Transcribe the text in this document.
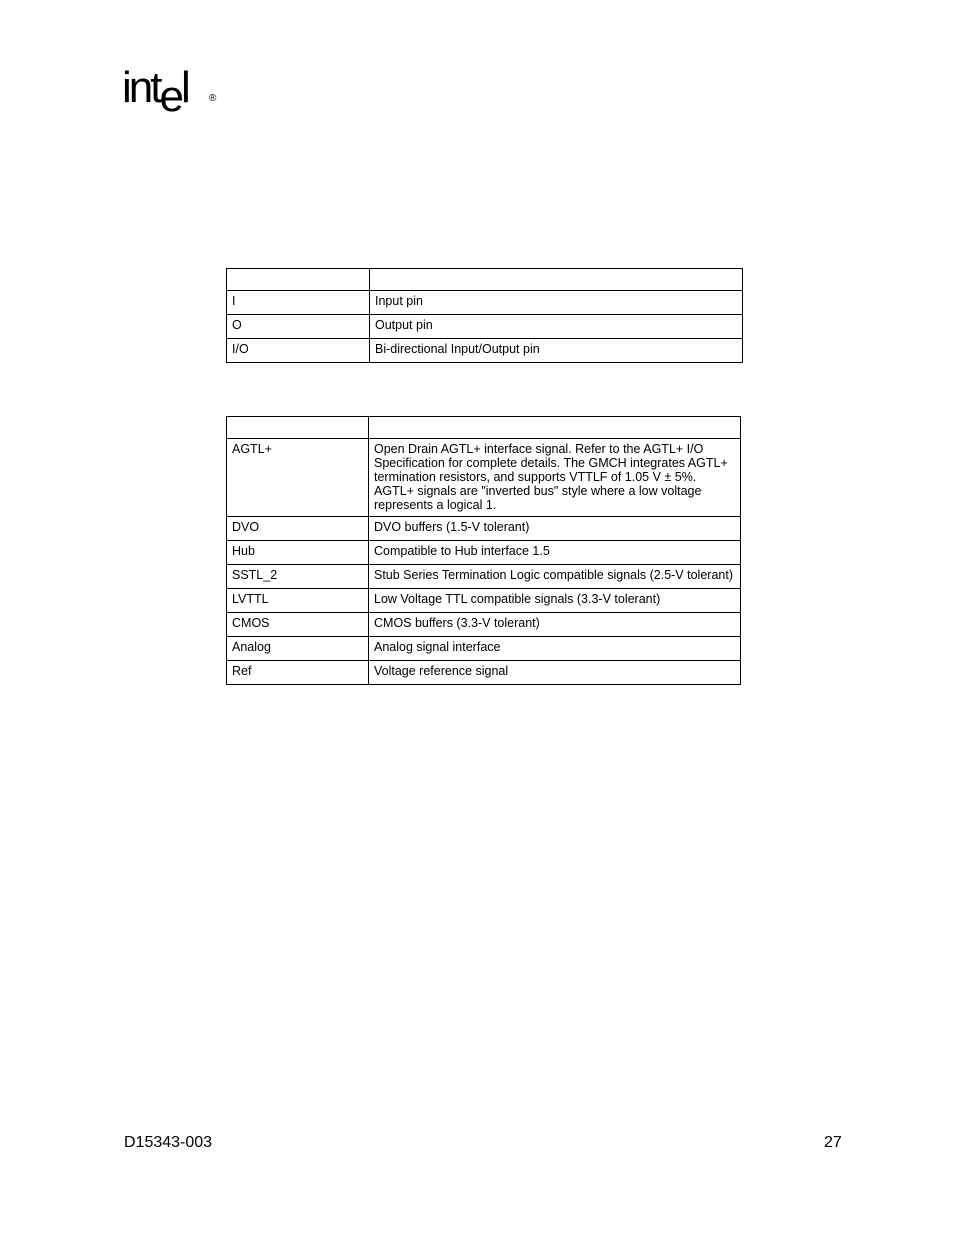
intel ®

I	Input pin
O	Output pin
I/O	Bi-directional Input/Output pin

AGTL+	Open Drain AGTL+ interface signal. Refer to the AGTL+ I/O Specification for complete details. The GMCH integrates AGTL+ termination resistors, and supports VTTLF of 1.05 V ± 5%. AGTL+ signals are "inverted bus" style where a low voltage represents a logical 1.
DVO	DVO buffers (1.5-V tolerant)
Hub	Compatible to Hub interface 1.5
SSTL_2	Stub Series Termination Logic compatible signals (2.5-V tolerant)
LVTTL	Low Voltage TTL compatible signals (3.3-V tolerant)
CMOS	CMOS buffers (3.3-V tolerant)
Analog	Analog signal interface
Ref	Voltage reference signal
D15343-003	27
